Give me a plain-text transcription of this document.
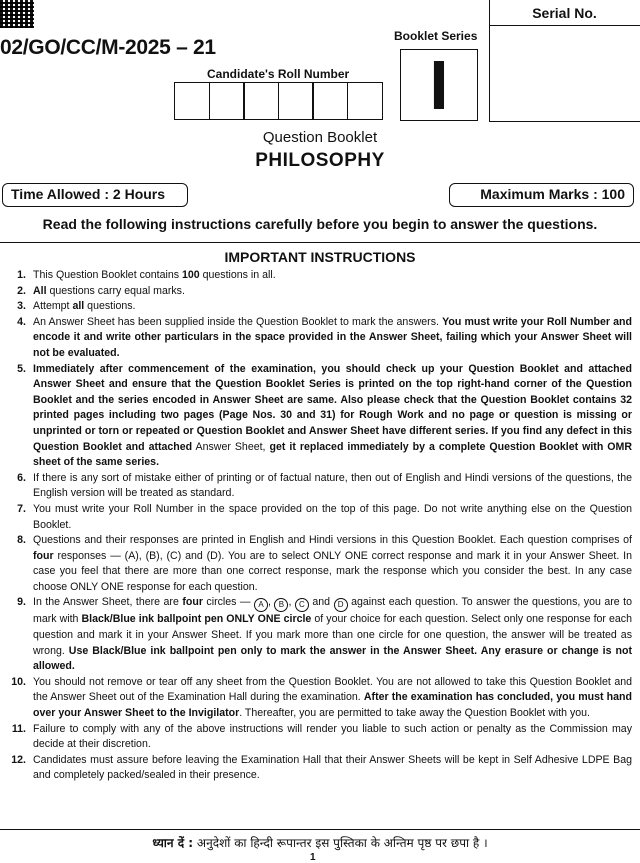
02/GO/CC/M-2025 – 21
Serial No.
Booklet Series
I
Candidate's Roll Number
Question Booklet
PHILOSOPHY
Time Allowed : 2 Hours	Maximum Marks : 100
Read the following instructions carefully before you begin to answer the questions.
IMPORTANT INSTRUCTIONS
1. This Question Booklet contains 100 questions in all.
2. All questions carry equal marks.
3. Attempt all questions.
4. An Answer Sheet has been supplied inside the Question Booklet to mark the answers. You must write your Roll Number and encode it and write other particulars in the space provided in the Answer Sheet, failing which your Answer Sheet will not be evaluated.
5. Immediately after commencement of the examination, you should check up your Question Booklet and attached Answer Sheet and ensure that the Question Booklet Series is printed on the top right-hand corner of the Question Booklet and the series encoded in Answer Sheet are same. Also please check that the Question Booklet contains 32 printed pages including two pages (Page Nos. 30 and 31) for Rough Work and no page or question is missing or unprinted or torn or repeated or Question Booklet and Answer Sheet have different series. If you find any defect in this Question Booklet and attached Answer Sheet, get it replaced immediately by a complete Question Booklet with OMR sheet of the same series.
6. If there is any sort of mistake either of printing or of factual nature, then out of English and Hindi versions of the questions, the English version will be treated as standard.
7. You must write your Roll Number in the space provided on the top of this page. Do not write anything else on the Question Booklet.
8. Questions and their responses are printed in English and Hindi versions in this Question Booklet. Each question comprises of four responses — (A), (B), (C) and (D). You are to select ONLY ONE correct response and mark it in your Answer Sheet. In case you feel that there are more than one correct response, mark the response which you consider the best. In any case choose ONLY ONE response for each question.
9. In the Answer Sheet, there are four circles — A , B , C and D against each question. To answer the questions, you are to mark with Black/Blue ink ballpoint pen ONLY ONE circle of your choice for each question. Select only one response for each question and mark it in your Answer Sheet. If you mark more than one circle for one question, the answer will be treated as wrong. Use Black/Blue ink ballpoint pen only to mark the answer in the Answer Sheet. Any erasure or change is not allowed.
10. You should not remove or tear off any sheet from the Question Booklet. You are not allowed to take this Question Booklet and the Answer Sheet out of the Examination Hall during the examination. After the examination has concluded, you must hand over your Answer Sheet to the Invigilator. Thereafter, you are permitted to take away the Question Booklet with you.
11. Failure to comply with any of the above instructions will render you liable to such action or penalty as the Commission may decide at their discretion.
12. Candidates must assure before leaving the Examination Hall that their Answer Sheets will be kept in Self Adhesive LDPE Bag and completely packed/sealed in their presence.
ध्यान दें : अनुदेशों का हिन्दी रूपान्तर इस पुस्तिका के अन्तिम पृष्ठ पर छपा है ।
1
